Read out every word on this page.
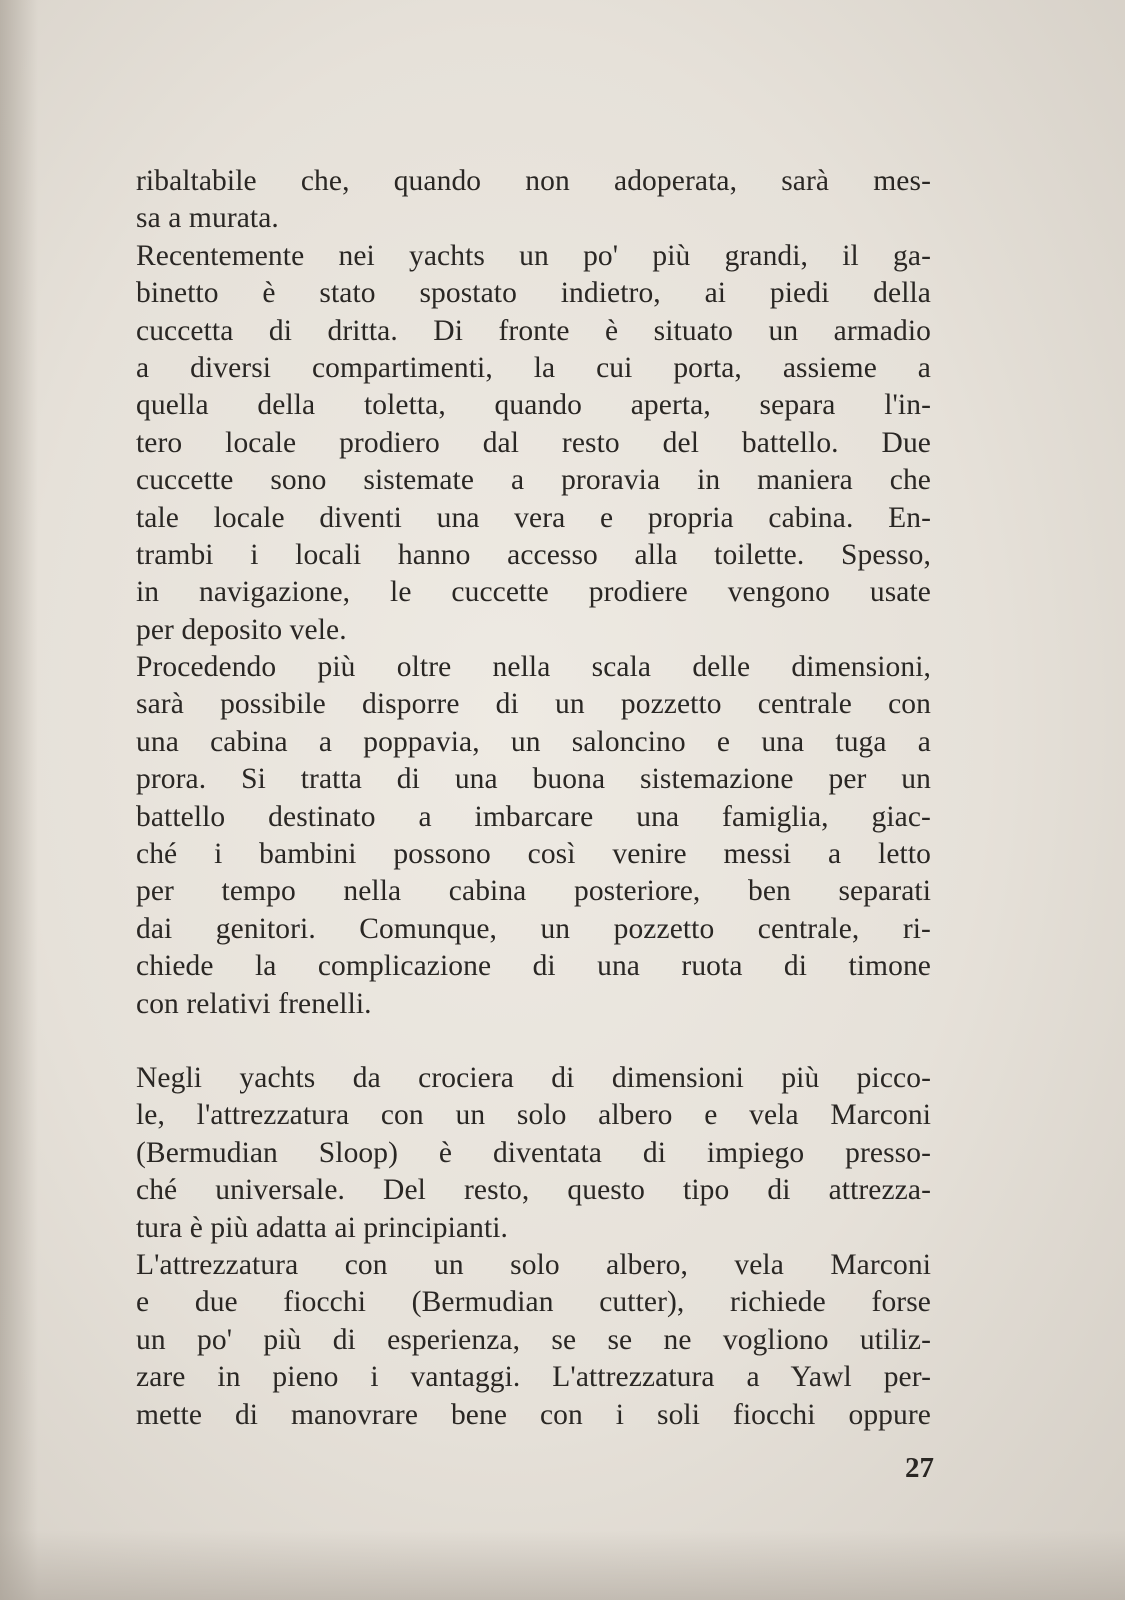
ribaltabile che, quando non adoperata, sarà mes-
sa a murata.
Recentemente nei yachts un po' più grandi, il ga-
binetto è stato spostato indietro, ai piedi della
cuccetta di dritta. Di fronte è situato un armadio
a diversi compartimenti, la cui porta, assieme a
quella della toletta, quando aperta, separa l'in-
tero locale prodiero dal resto del battello. Due
cuccette sono sistemate a proravia in maniera che
tale locale diventi una vera e propria cabina. En-
trambi i locali hanno accesso alla toilette. Spesso,
in navigazione, le cuccette prodiere vengono usate
per deposito vele.
Procedendo più oltre nella scala delle dimensioni,
sarà possibile disporre di un pozzetto centrale con
una cabina a poppavia, un saloncino e una tuga a
prora. Si tratta di una buona sistemazione per un
battello destinato a imbarcare una famiglia, giac-
ché i bambini possono così venire messi a letto
per tempo nella cabina posteriore, ben separati
dai genitori. Comunque, un pozzetto centrale, ri-
chiede la complicazione di una ruota di timone
con relativi frenelli.
Negli yachts da crociera di dimensioni più picco-
le, l'attrezzatura con un solo albero e vela Marconi
(Bermudian Sloop) è diventata di impiego presso-
ché universale. Del resto, questo tipo di attrezza-
tura è più adatta ai principianti.
L'attrezzatura con un solo albero, vela Marconi
e due fiocchi (Bermudian cutter), richiede forse
un po' più di esperienza, se se ne vogliono utiliz-
zare in pieno i vantaggi. L'attrezzatura a Yawl per-
mette di manovrare bene con i soli fiocchi oppure
27
